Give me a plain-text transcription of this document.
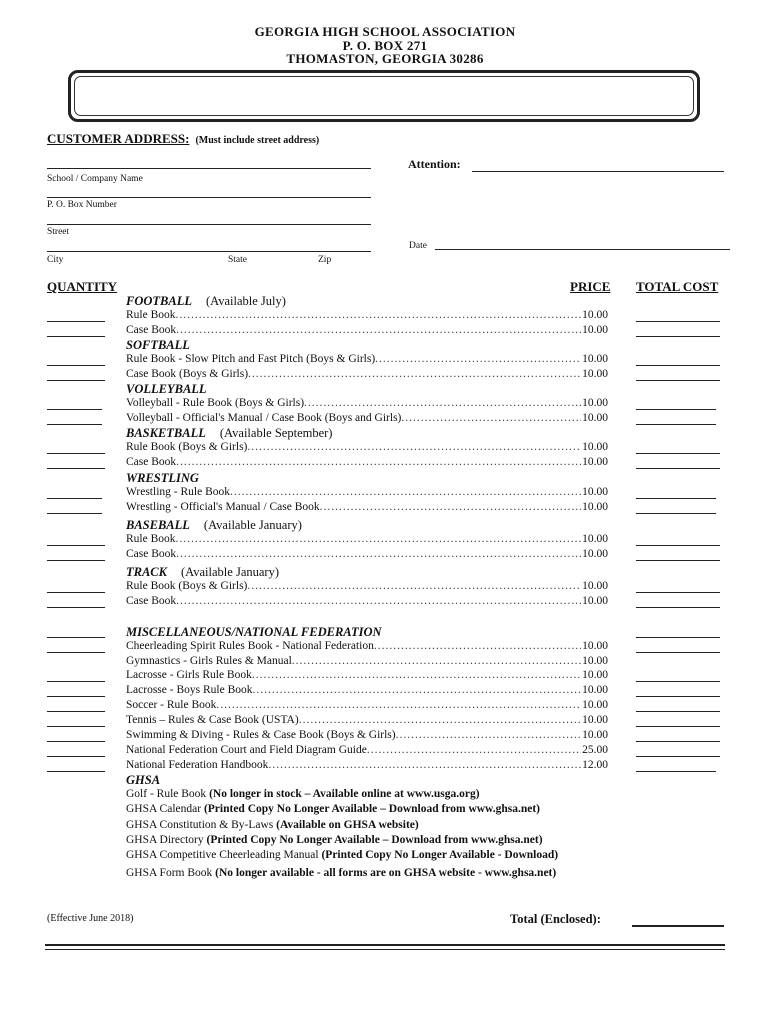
GEORGIA HIGH SCHOOL ASSOCIATION
P. O. BOX 271
THOMASTON, GEORGIA 30286
CUSTOMER ADDRESS: (Must include street address)
School / Company Name
Attention:
P. O. Box Number
Street
Date
City	State	Zip
QUANTITY	PRICE TOTAL COST
FOOTBALL (Available July)
Rule Book .....	10.00
Case Book .....	10.00
SOFTBALL
Rule Book - Slow Pitch and Fast Pitch (Boys & Girls) .....	10.00
Case Book (Boys & Girls) .....	10.00
VOLLEYBALL
Volleyball - Rule Book (Boys & Girls) .....	10.00
Volleyball - Official's Manual / Case Book (Boys and Girls) .....	10.00
BASKETBALL (Available September)
Rule Book (Boys & Girls) .....	10.00
Case Book .....	10.00
WRESTLING
Wrestling - Rule Book .....	10.00
Wrestling - Official's Manual / Case Book .....	10.00
BASEBALL (Available January)
Rule Book .....	10.00
Case Book .....	10.00
TRACK (Available January)
Rule Book (Boys & Girls) .....	10.00
Case Book .....	10.00
MISCELLANEOUS/NATIONAL FEDERATION
Cheerleading Spirit Rules Book - National Federation .....	10.00
Gymnastics - Girls Rules & Manual .....	10.00
Lacrosse - Girls Rule Book .....	10.00
Lacrosse - Boys Rule Book .....	10.00
Soccer - Rule Book .....	10.00
Tennis – Rules & Case Book (USTA) .....	10.00
Swimming & Diving - Rules & Case Book (Boys & Girls) .....	10.00
National Federation Court and Field Diagram Guide .....	25.00
National Federation Handbook .....	12.00
GHSA
Golf - Rule Book (No longer in stock – Available online at www.usga.org)
GHSA Calendar (Printed Copy No Longer Available – Download from www.ghsa.net)
GHSA Constitution & By-Laws (Available on GHSA website)
GHSA Directory (Printed Copy No Longer Available – Download from www.ghsa.net)
GHSA Competitive Cheerleading Manual (Printed Copy No Longer Available - Download)
GHSA Form Book (No longer available - all forms are on GHSA website - www.ghsa.net)
(Effective June 2018)	Total (Enclosed):
